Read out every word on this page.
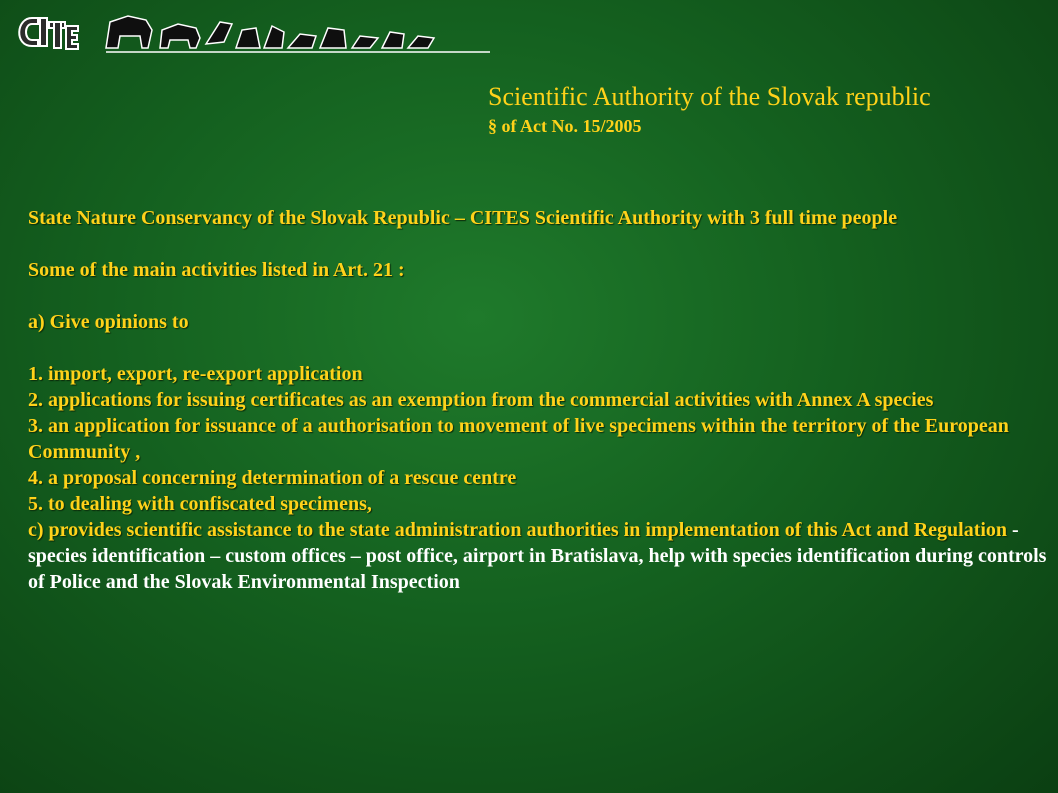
Scientific Authority of the Slovak republic
§ of Act No. 15/2005

State Nature Conservancy of the Slovak Republic – CITES Scientific Authority with 3 full time people

Some of the main activities listed in Art. 21 :

a) Give opinions to

1. import, export, re-export application

2. applications for issuing certificates as an exemption from the commercial activities with Annex A species

3. an application for issuance of a authorisation to movement of live specimens within the territory of the European Community ,

4. a proposal concerning determination of a rescue centre

5. to dealing with confiscated specimens,

c) provides scientific assistance to the state administration authorities in implementation of this Act and Regulation - species identification – custom offices – post office, airport in Bratislava, help with species identification during controls of Police and the Slovak Environmental Inspection
